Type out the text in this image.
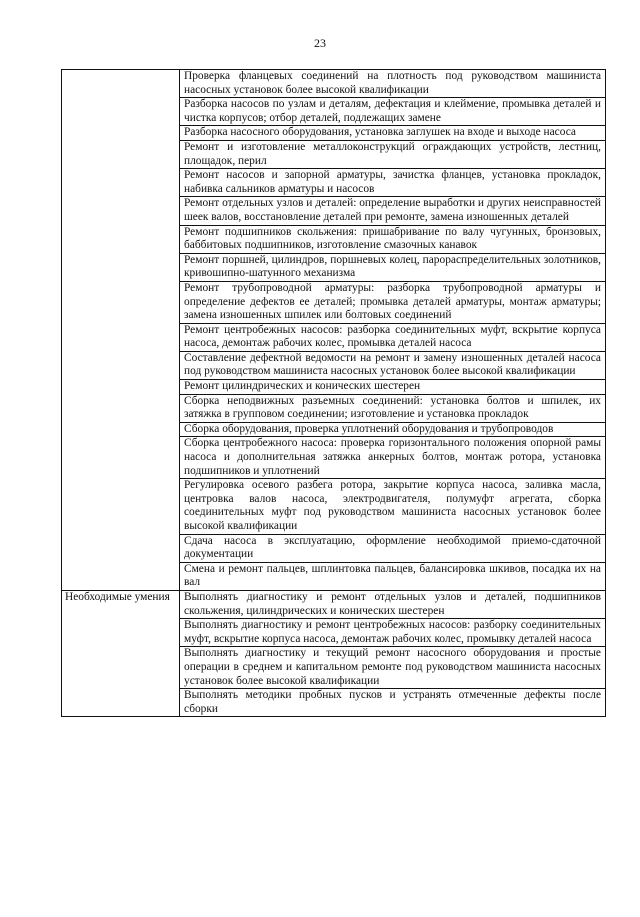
23
	Проверка фланцевых соединений на плотность под руководством машиниста насосных установок более высокой квалификации
	Разборка насосов по узлам и деталям, дефектация и клеймение, промывка деталей и чистка корпусов; отбор деталей, подлежащих замене
	Разборка насосного оборудования, установка заглушек на входе и выходе насоса
	Ремонт и изготовление металлоконструкций ограждающих устройств, лестниц, площадок, перил
	Ремонт насосов и запорной арматуры, зачистка фланцев, установка прокладок, набивка сальников арматуры и насосов
	Ремонт отдельных узлов и деталей: определение выработки и других неисправностей шеек валов, восстановление деталей при ремонте, замена изношенных деталей
	Ремонт подшипников скольжения: пришабривание по валу чугунных, бронзовых, баббитовых подшипников, изготовление смазочных канавок
	Ремонт поршней, цилиндров, поршневых колец, парораспределительных золотников, кривошипно-шатунного механизма
	Ремонт трубопроводной арматуры: разборка трубопроводной арматуры и определение дефектов ее деталей; промывка деталей арматуры, монтаж арматуры; замена изношенных шпилек или болтовых соединений
	Ремонт центробежных насосов: разборка соединительных муфт, вскрытие корпуса насоса, демонтаж рабочих колес, промывка деталей насоса
	Составление дефектной ведомости на ремонт и замену изношенных деталей насоса под руководством машиниста насосных установок более высокой квалификации
	Ремонт цилиндрических и конических шестерен
	Сборка неподвижных разъемных соединений: установка болтов и шпилек, их затяжка в групповом соединении; изготовление и установка прокладок
	Сборка оборудования, проверка уплотнений оборудования и трубопроводов
	Сборка центробежного насоса: проверка горизонтального положения опорной рамы насоса и дополнительная затяжка анкерных болтов, монтаж ротора, установка подшипников и уплотнений
	Регулировка осевого разбега ротора, закрытие корпуса насоса, заливка масла, центровка валов насоса, электродвигателя, полумуфт агрегата, сборка соединительных муфт под руководством машиниста насосных установок более высокой квалификации
	Сдача насоса в эксплуатацию, оформление необходимой приемо-сдаточной документации
	Смена и ремонт пальцев, шплинтовка пальцев, балансировка шкивов, посадка их на вал
Необходимые умения	Выполнять диагностику и ремонт отдельных узлов и деталей, подшипников скольжения, цилиндрических и конических шестерен
	Выполнять диагностику и ремонт центробежных насосов: разборку соединительных муфт, вскрытие корпуса насоса, демонтаж рабочих колес, промывку деталей насоса
	Выполнять диагностику и текущий ремонт насосного оборудования и простые операции в среднем и капитальном ремонте под руководством машиниста насосных установок более высокой квалификации
	Выполнять методики пробных пусков и устранять отмеченные дефекты после сборки
